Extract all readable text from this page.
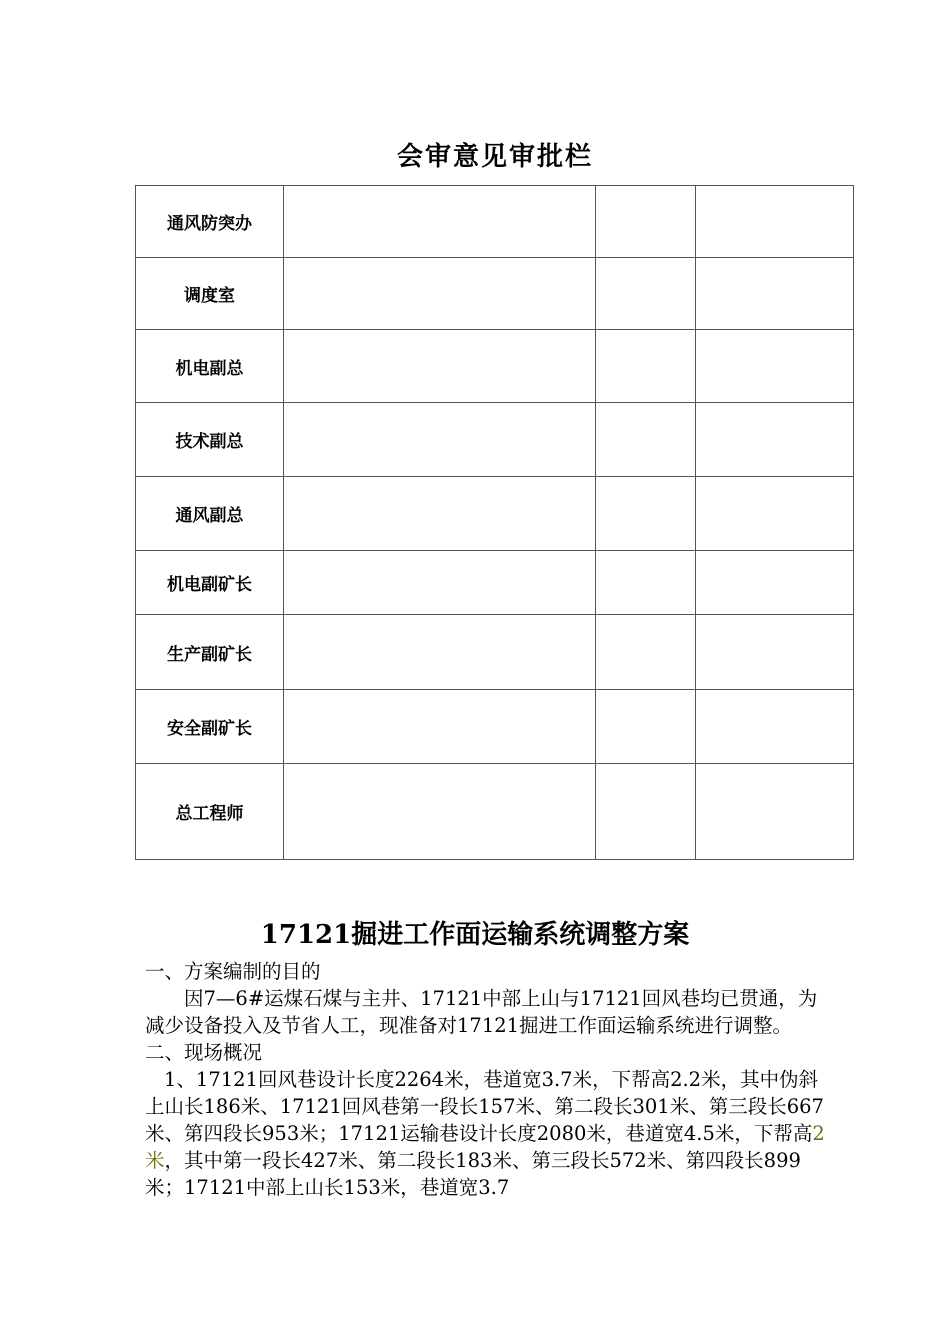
会审意见审批栏
通风防突办			
调度室			
机电副总			
技术副总			
通风副总			
机电副矿长			
生产副矿长			
安全副矿长			
总工程师			
17121掘进工作面运输系统调整方案

一、方案编制的目的

因7—6#运煤石煤与主井、17121中部上山与17121回风巷均已贯通，为减少设备投入及节省人工，现准备对17121掘进工作面运输系统进行调整。

二、现场概况

1、17121回风巷设计长度2264米，巷道宽3.7米，下帮高2.2米，其中伪斜上山长186米、17121回风巷第一段长157米、第二段长301米、第三段长667米、第四段长953米；17121运输巷设计长度2080米，巷道宽4.5米，下帮高2米，其中第一段长427米、第二段长183米、第三段长572米、第四段长899米；17121中部上山长153米，巷道宽3.7
